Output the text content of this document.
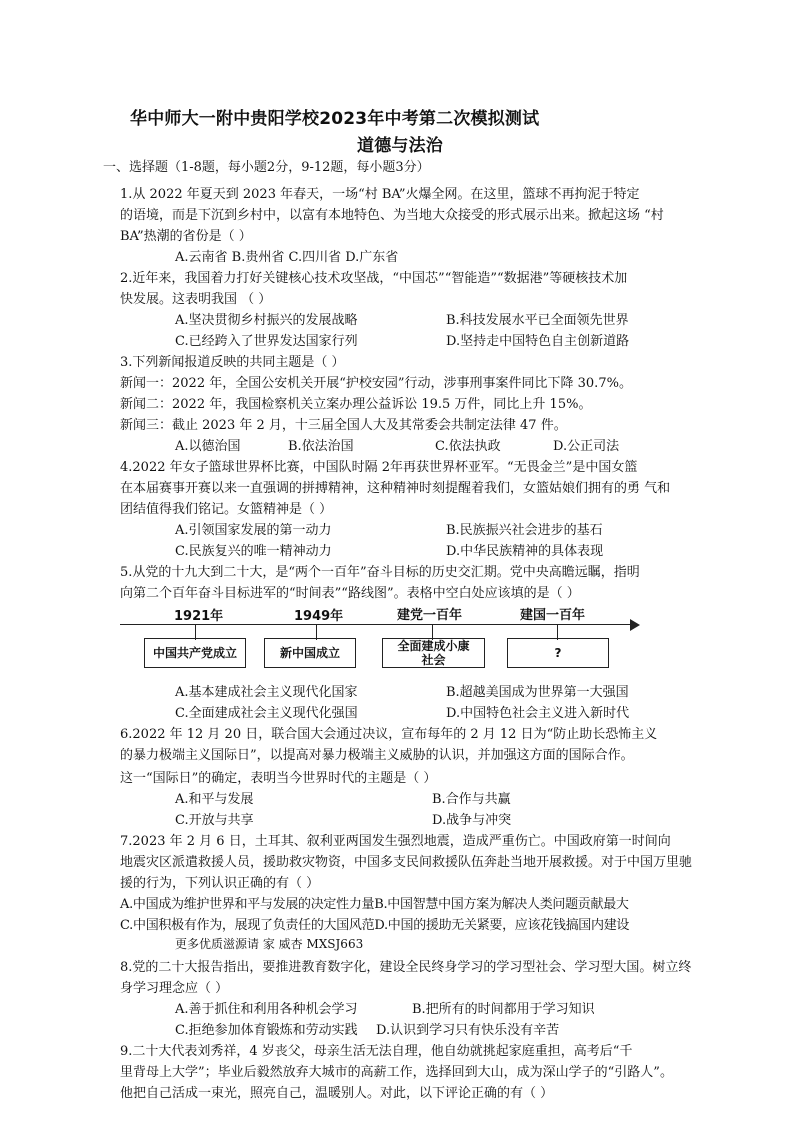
华中师大一附中贵阳学校2023年中考第二次模拟测试
道德与法治
一、选择题（1-8题，每小题2分，9-12题，每小题3分）
1.从 2022 年夏天到 2023 年春天，一场“村 BA”火爆全网。在这里，篮球不再拘泥于特定
的语境，而是下沉到乡村中，以富有本地特色、为当地大众接受的形式展示出来。掀起这场 “村
BA”热潮的省份是（ ）
A.云南省 B.贵州省 C.四川省 D.广东省
2.近年来，我国着力打好关键核心技术攻坚战，“中国芯”“智能造”“数据港”等硬核技术加
快发展。这表明我国 （ ）
A.坚决贯彻乡村振兴的发展战略	B.科技发展水平已全面领先世界
C.已经跨入了世界发达国家行列	D.坚持走中国特色自主创新道路
3.下列新闻报道反映的共同主题是（ ）
新闻一：2022 年，全国公安机关开展“护校安园”行动，涉事刑事案件同比下降 30.7%。
新闻二：2022 年，我国检察机关立案办理公益诉讼 19.5 万件，同比上升 15%。
新闻三：截止 2023 年 2 月，十三届全国人大及其常委会共制定法律 47 件。
A.以德治国	B.依法治国	C.依法执政	D.公正司法
4.2022 年女子篮球世界杯比赛，中国队时隔 2年再获世界杯亚军。“无畏金兰”是中国女篮
在本届赛事开赛以来一直强调的拼搏精神，这种精神时刻提醒着我们，女篮姑娘们拥有的勇 气和
团结值得我们铭记。女篮精神是（ ）
A.引领国家发展的第一动力	B.民族振兴社会进步的基石
C.民族复兴的唯一精神动力	D.中华民族精神的具体表现
5.从党的十九大到二十大，是“两个一百年”奋斗目标的历史交汇期。党中央高瞻远瞩，指明
向第二个百年奋斗目标进军的“时间表”“路线图”。表格中空白处应该填的是（ ）
1921年	1949年	建党一百年	建国一百年
中国共产党成立	新中国成立	全面建成小康社会	?
A.基本建成社会主义现代化国家	B.超越美国成为世界第一大强国
C.全面建成社会主义现代化强国	D.中国特色社会主义进入新时代
6.2022 年 12 月 20 日，联合国大会通过决议，宣布每年的 2 月 12 日为“防止助长恐怖主义
的暴力极端主义国际日”，以提高对暴力极端主义威胁的认识，并加强这方面的国际合作。
这一“国际日”的确定，表明当今世界时代的主题是（ ）
A.和平与发展	B.合作与共赢
C.开放与共享	D.战争与冲突
7.2023 年 2 月 6 日，土耳其、叙利亚两国发生强烈地震，造成严重伤亡。中国政府第一时间向
地震灾区派遣救援人员，援助救灾物资，中国多支民间救援队伍奔赴当地开展救援。对于中国万里驰
援的行为，下列认识正确的有（ ）
A.中国成为维护世界和平与发展的决定性力量B.中国智慧中国方案为解决人类问题贡献最大
C.中国积极有作为，展现了负责任的大国风范D.中国的援助无关紧要，应该花钱搞国内建设
更多优质滋源请 家 威杏 MXSJ663
8.党的二十大报告指出，要推进教育数字化，建设全民终身学习的学习型社会、学习型大国。树立终
身学习理念应（ ）
A.善于抓住和利用各种机会学习	B.把所有的时间都用于学习知识
C.拒绝参加体育锻炼和劳动实践 D.认识到学习只有快乐没有辛苦
9.二十大代表刘秀祥，4 岁丧父，母亲生活无法自理，他自幼就挑起家庭重担，高考后“千
里背母上大学”；毕业后毅然放弃大城市的高薪工作，选择回到大山，成为深山学子的“引路人”。
他把自己活成一束光，照亮自己，温暖别人。对此，以下评论正确的有（ ）
